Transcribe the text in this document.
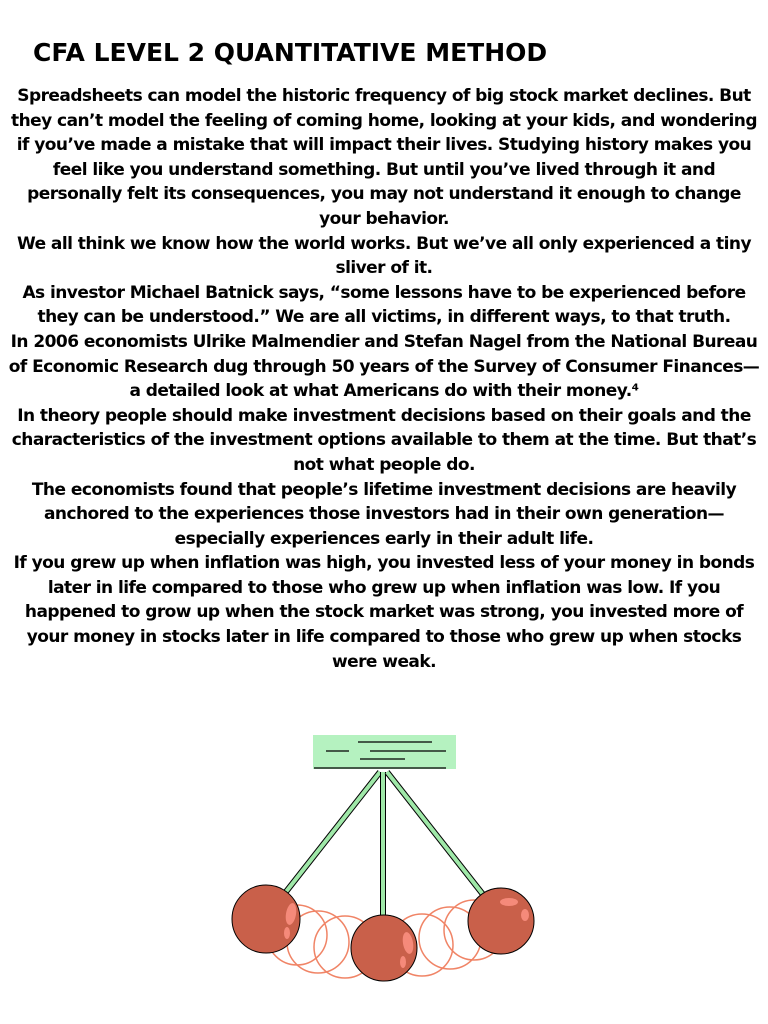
CFA LEVEL 2 QUANTITATIVE METHOD

Spreadsheets can model the historic frequency of big stock market declines. But they can’t model the feeling of coming home, looking at your kids, and wondering if you’ve made a mistake that will impact their lives. Studying history makes you feel like you understand something. But until you’ve lived through it and personally felt its consequences, you may not understand it enough to change your behavior.

We all think we know how the world works. But we’ve all only experienced a tiny sliver of it.

As investor Michael Batnick says, “some lessons have to be experienced before they can be understood.” We are all victims, in different ways, to that truth.

In 2006 economists Ulrike Malmendier and Stefan Nagel from the National Bureau of Economic Research dug through 50 years of the Survey of Consumer Finances—a detailed look at what Americans do with their money.⁴

In theory people should make investment decisions based on their goals and the characteristics of the investment options available to them at the time. But that’s not what people do.

The economists found that people’s lifetime investment decisions are heavily anchored to the experiences those investors had in their own generation—especially experiences early in their adult life.

If you grew up when inflation was high, you invested less of your money in bonds later in life compared to those who grew up when inflation was low. If you happened to grow up when the stock market was strong, you invested more of your money in stocks later in life compared to those who grew up when stocks were weak.
